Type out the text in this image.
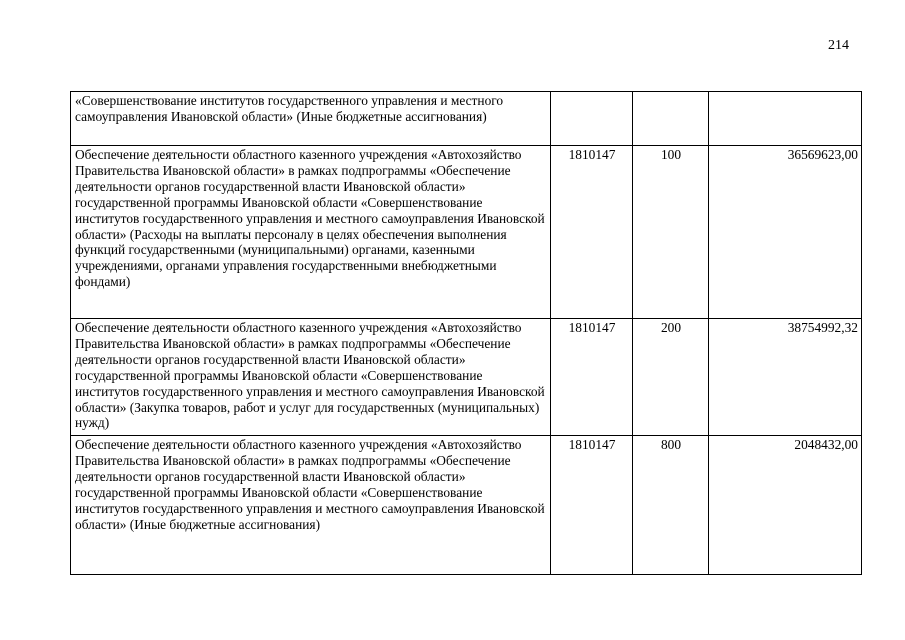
214
«Совершенствование институтов государственного управления и местного самоуправления Ивановской области» (Иные бюджетные ассигнования)			
Обеспечение деятельности областного казенного учреждения «Автохозяйство Правительства Ивановской области» в рамках подпрограммы «Обеспечение деятельности органов государственной власти Ивановской области» государственной программы Ивановской области «Совершенствование институтов государственного управления и местного самоуправления Ивановской области» (Расходы на выплаты персоналу в целях обеспечения выполнения функций государственными (муниципальными) органами, казенными учреждениями, органами управления государственными внебюджетными фондами)	1810147	100	36569623,00
Обеспечение деятельности областного казенного учреждения «Автохозяйство Правительства Ивановской области» в рамках подпрограммы «Обеспечение деятельности органов государственной власти Ивановской области» государственной программы Ивановской области «Совершенствование институтов государственного управления и местного самоуправления Ивановской области» (Закупка товаров, работ и услуг для государственных (муниципальных) нужд)	1810147	200	38754992,32
Обеспечение деятельности областного казенного учреждения «Автохозяйство Правительства Ивановской области» в рамках подпрограммы «Обеспечение деятельности органов государственной власти Ивановской области» государственной программы Ивановской области «Совершенствование институтов государственного управления и местного самоуправления Ивановской области» (Иные бюджетные ассигнования)	1810147	800	2048432,00
